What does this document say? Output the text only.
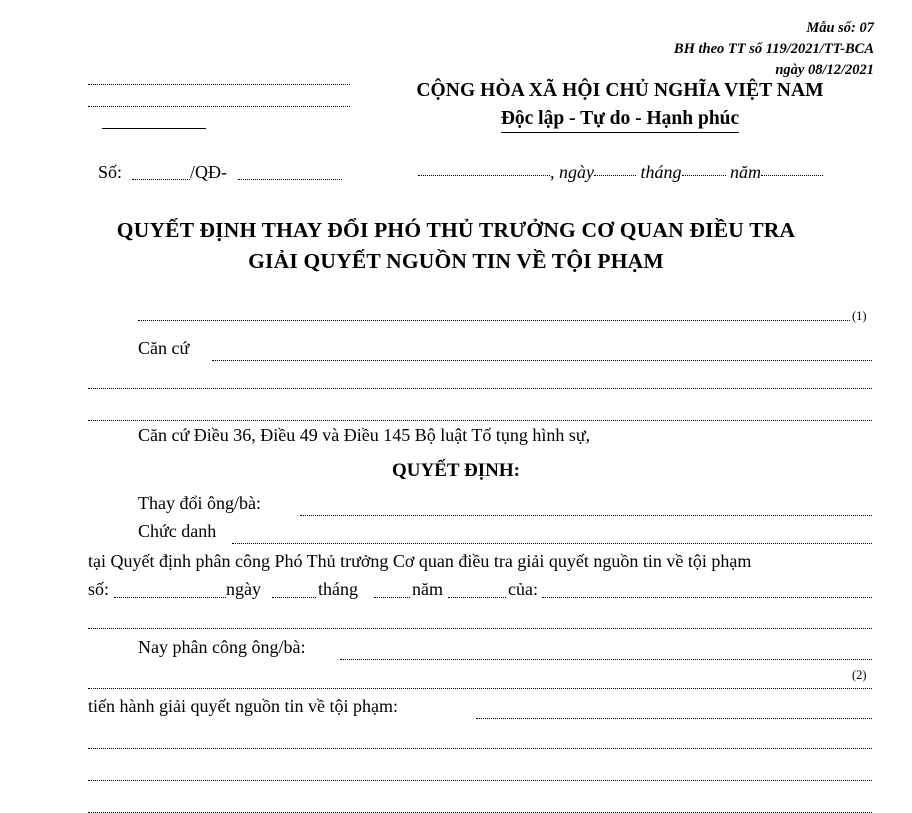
Mẫu số: 07
BH theo TT số 119/2021/TT-BCA
ngày 08/12/2021
CỘNG HÒA XÃ HỘI CHỦ NGHĨA VIỆT NAM
Độc lập - Tự do - Hạnh phúc
Số:	/QĐ-	, ngày	tháng	năm
QUYẾT ĐỊNH THAY ĐỔI PHÓ THỦ TRƯỞNG CƠ QUAN ĐIỀU TRA
GIẢI QUYẾT NGUỒN TIN VỀ TỘI PHẠM
(1)
Căn cứ
Căn cứ Điều 36, Điều 49 và Điều 145 Bộ luật Tố tụng hình sự,
QUYẾT ĐỊNH:
Thay đổi ông/bà:
Chức danh
tại Quyết định phân công Phó Thủ trưởng Cơ quan điều tra giải quyết nguồn tin về tội phạm
số:	ngày	tháng	năm	của:
Nay phân công ông/bà:
(2)
tiến hành giải quyết nguồn tin về tội phạm:
